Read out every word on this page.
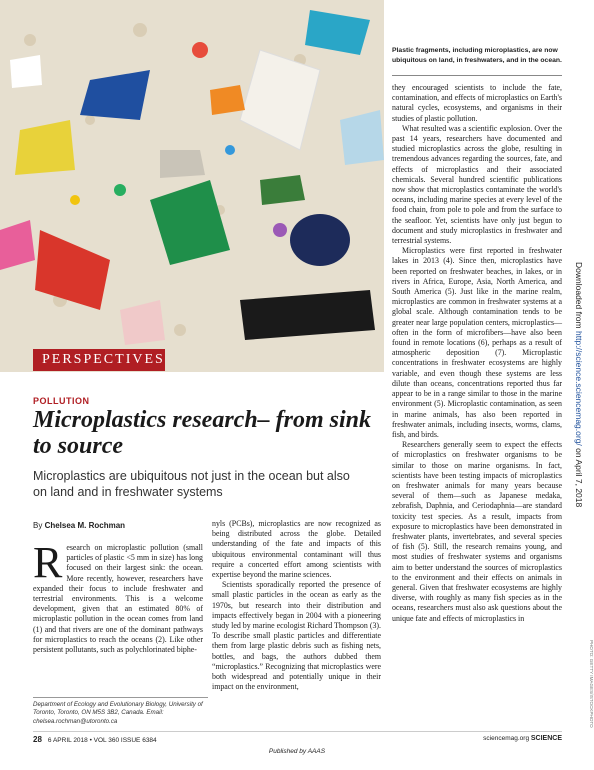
PERSPECTIVES
Plastic fragments, including microplastics, are now ubiquitous on land, in freshwaters, and in the ocean.
POLLUTION
Microplastics research– from sink to source
Microplastics are ubiquitous not just in the ocean but also on land and in freshwater systems
By Chelsea M. Rochman

Research on microplastic pollution (small particles of plastic <5 mm in size) has long focused on their largest sink: the ocean. More recently, however, researchers have expanded their focus to include freshwater and terrestrial environments. This is a welcome development, given that an estimated 80% of microplastic pollution in the ocean comes from land (1) and that rivers are one of the dominant pathways for microplastics to reach the oceans (2). Like other persistent pollutants, such as polychlorinated biphe-

Department of Ecology and Evolutionary Biology, University of Toronto, Toronto, ON M5S 3B2, Canada. Email: chelsea.rochman@utoronto.ca

nyls (PCBs), microplastics are now recognized as being distributed across the globe. Detailed understanding of the fate and impacts of this ubiquitous environmental contaminant will thus require a concerted effort among scientists with expertise beyond the marine sciences.

Scientists sporadically reported the presence of small plastic particles in the ocean as early as the 1970s, but research into their distribution and impacts effectively began in 2004 with a pioneering study led by marine ecologist Richard Thompson (3). To describe small plastic particles and differentiate them from large plastic debris such as fishing nets, bottles, and bags, the authors dubbed them “microplastics.” Recognizing that microplastics were both widespread and potentially unique in their impact on the environment,

they encouraged scientists to include the fate, contamination, and effects of microplastics on Earth's natural cycles, ecosystems, and organisms in their studies of plastic pollution.

What resulted was a scientific explosion. Over the past 14 years, researchers have documented and studied microplastics across the globe, resulting in tremendous advances regarding the sources, fate, and effects of microplastics and their associated chemicals. Several hundred scientific publications now show that microplastics contaminate the world's oceans, including marine species at every level of the food chain, from pole to pole and from the surface to the seafloor. Yet, scientists have only just begun to document and study microplastics in freshwater and terrestrial systems.

Microplastics were first reported in freshwater lakes in 2013 (4). Since then, microplastics have been reported on freshwater beaches, in lakes, or in rivers in Africa, Europe, Asia, North America, and South America (5). Just like in the marine realm, microplastics are common in freshwater systems at a global scale. Although contamination tends to be greater near large population centers, microplastics—often in the form of microfibers—have also been found in remote locations (6), perhaps as a result of atmospheric deposition (7). Microplastic concentrations in freshwater ecosystems are highly variable, and even though these systems are less dilute than oceans, concentrations reported thus far appear to be in a range similar to those in the marine environment (5). Microplastic contamination, as seen in marine animals, has also been reported in freshwater animals, including insects, worms, clams, fish, and birds.

Researchers generally seem to expect the effects of microplastics on freshwater organisms to be similar to those on marine organisms. In fact, scientists have been testing impacts of microplastics on freshwater animals for many years because several of them—such as Japanese medaka, zebrafish, Daphnia, and Ceriodaphnia—are standard toxicity test species. As a result, impacts from exposure to microplastics have been demonstrated in freshwater plants, invertebrates, and several species of fish (5). Still, the research remains young, and most studies of freshwater systems and organisms aim to better understand the sources of microplastics to the environment and their effects on animals in general. Given that freshwater ecosystems are highly diverse, with roughly as many fish species as in the oceans, researchers must also ask questions about the unique fate and effects of microplastics in

28 6 APRIL 2018 • VOL 360 ISSUE 6384	sciencemag.org SCIENCE
Published by AAAS
Downloaded from http://science.sciencemag.org/ on April 7, 2018
PHOTO: GETTY IMAGES/ISTOCKPHOTO
